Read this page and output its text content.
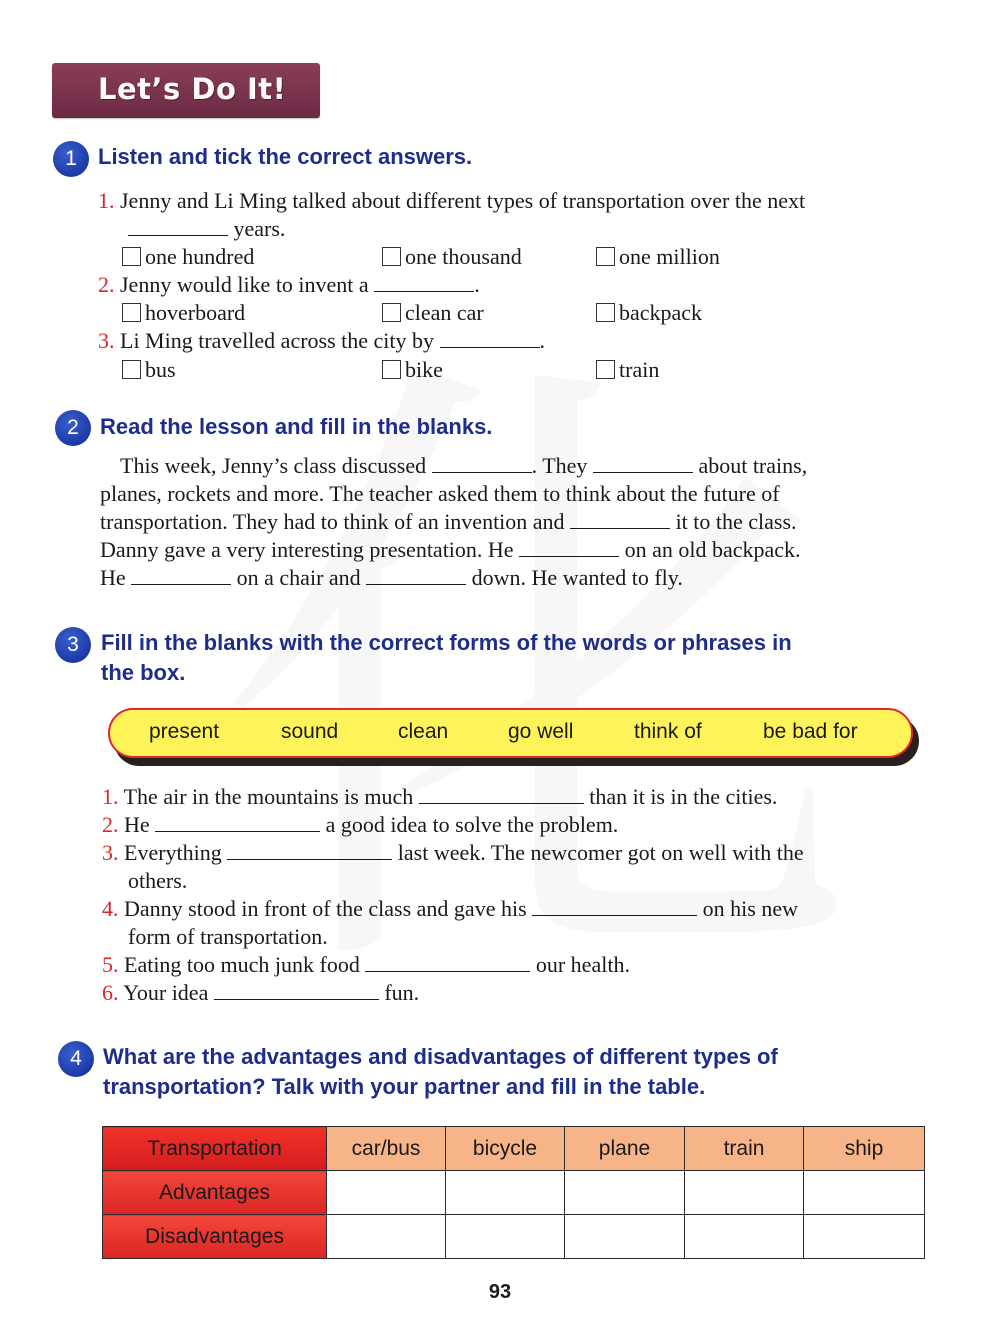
Let’s Do It!
1 Listen and tick the correct answers.
1. Jenny and Li Ming talked about different types of transportation over the next
years.
one hundred	one thousand	one million
2. Jenny would like to invent a	.
hoverboard	clean car	backpack
3. Li Ming travelled across the city by	.
bus	bike	train
2 Read the lesson and fill in the blanks.
This week, Jenny’s class discussed	. They	about trains,
planes, rockets and more. The teacher asked them to think about the future of
transportation. They had to think of an invention and	it to the class.
Danny gave a very interesting presentation. He	on an old backpack.
He	on a chair and	down. He wanted to fly.
3	Fill in the blanks with the correct forms of the words or phrases in
the box.
present	sound	clean	go well	think of	be bad for
1. The air in the mountains is much	than it is in the cities.
2. He	a good idea to solve the problem.
3. Everything	last week. The newcomer got on well with the
others.
4. Danny stood in front of the class and gave his	on his new
form of transportation.
5. Eating too much junk food	our health.
6. Your idea	fun.
4 What are the advantages and disadvantages of different types of
transportation? Talk with your partner and fill in the table.
Transportation	car/bus	bicycle	plane	train	ship
Advantages					
Disadvantages					
93
